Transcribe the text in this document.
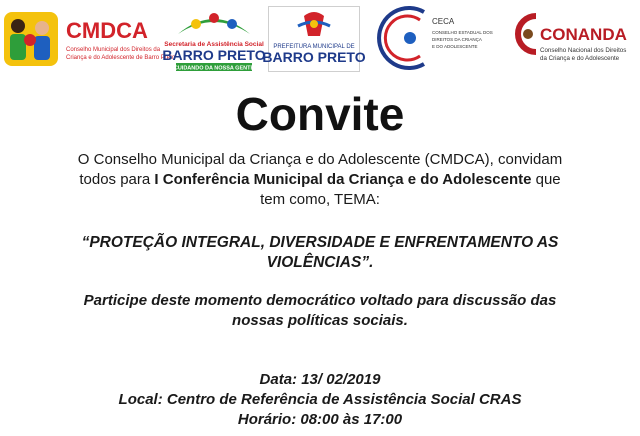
CMDCA
Conselho Municipal dos Direitos da
Criança e do Adolescente de Barro Preto
Secretaria de Assistência Social
BARRO PRETO
CUIDANDO DA NOSSA GENTE
PREFEITURA MUNICIPAL DE
BARRO PRETO
CECA
CONSELHO ESTADUAL DOS
DIREITOS DA CRIANÇA
E DO ADOLESCENTE
CONANDA
Conselho Nacional dos Direitos
da Criança e do Adolescente
Convite
O Conselho Municipal da Criança e do Adolescente (CMDCA), convidam
todos para I Conferência Municipal da Criança e do Adolescente que
tem como, TEMA:
“PROTEÇÃO INTEGRAL, DIVERSIDADE E ENFRENTAMENTO AS
VIOLÊNCIAS”.
Participe deste momento democrático voltado para discussão das
nossas políticas sociais.
Data: 13/ 02/2019
Local: Centro de Referência de Assistência Social CRAS
Horário: 08:00 às 17:00
